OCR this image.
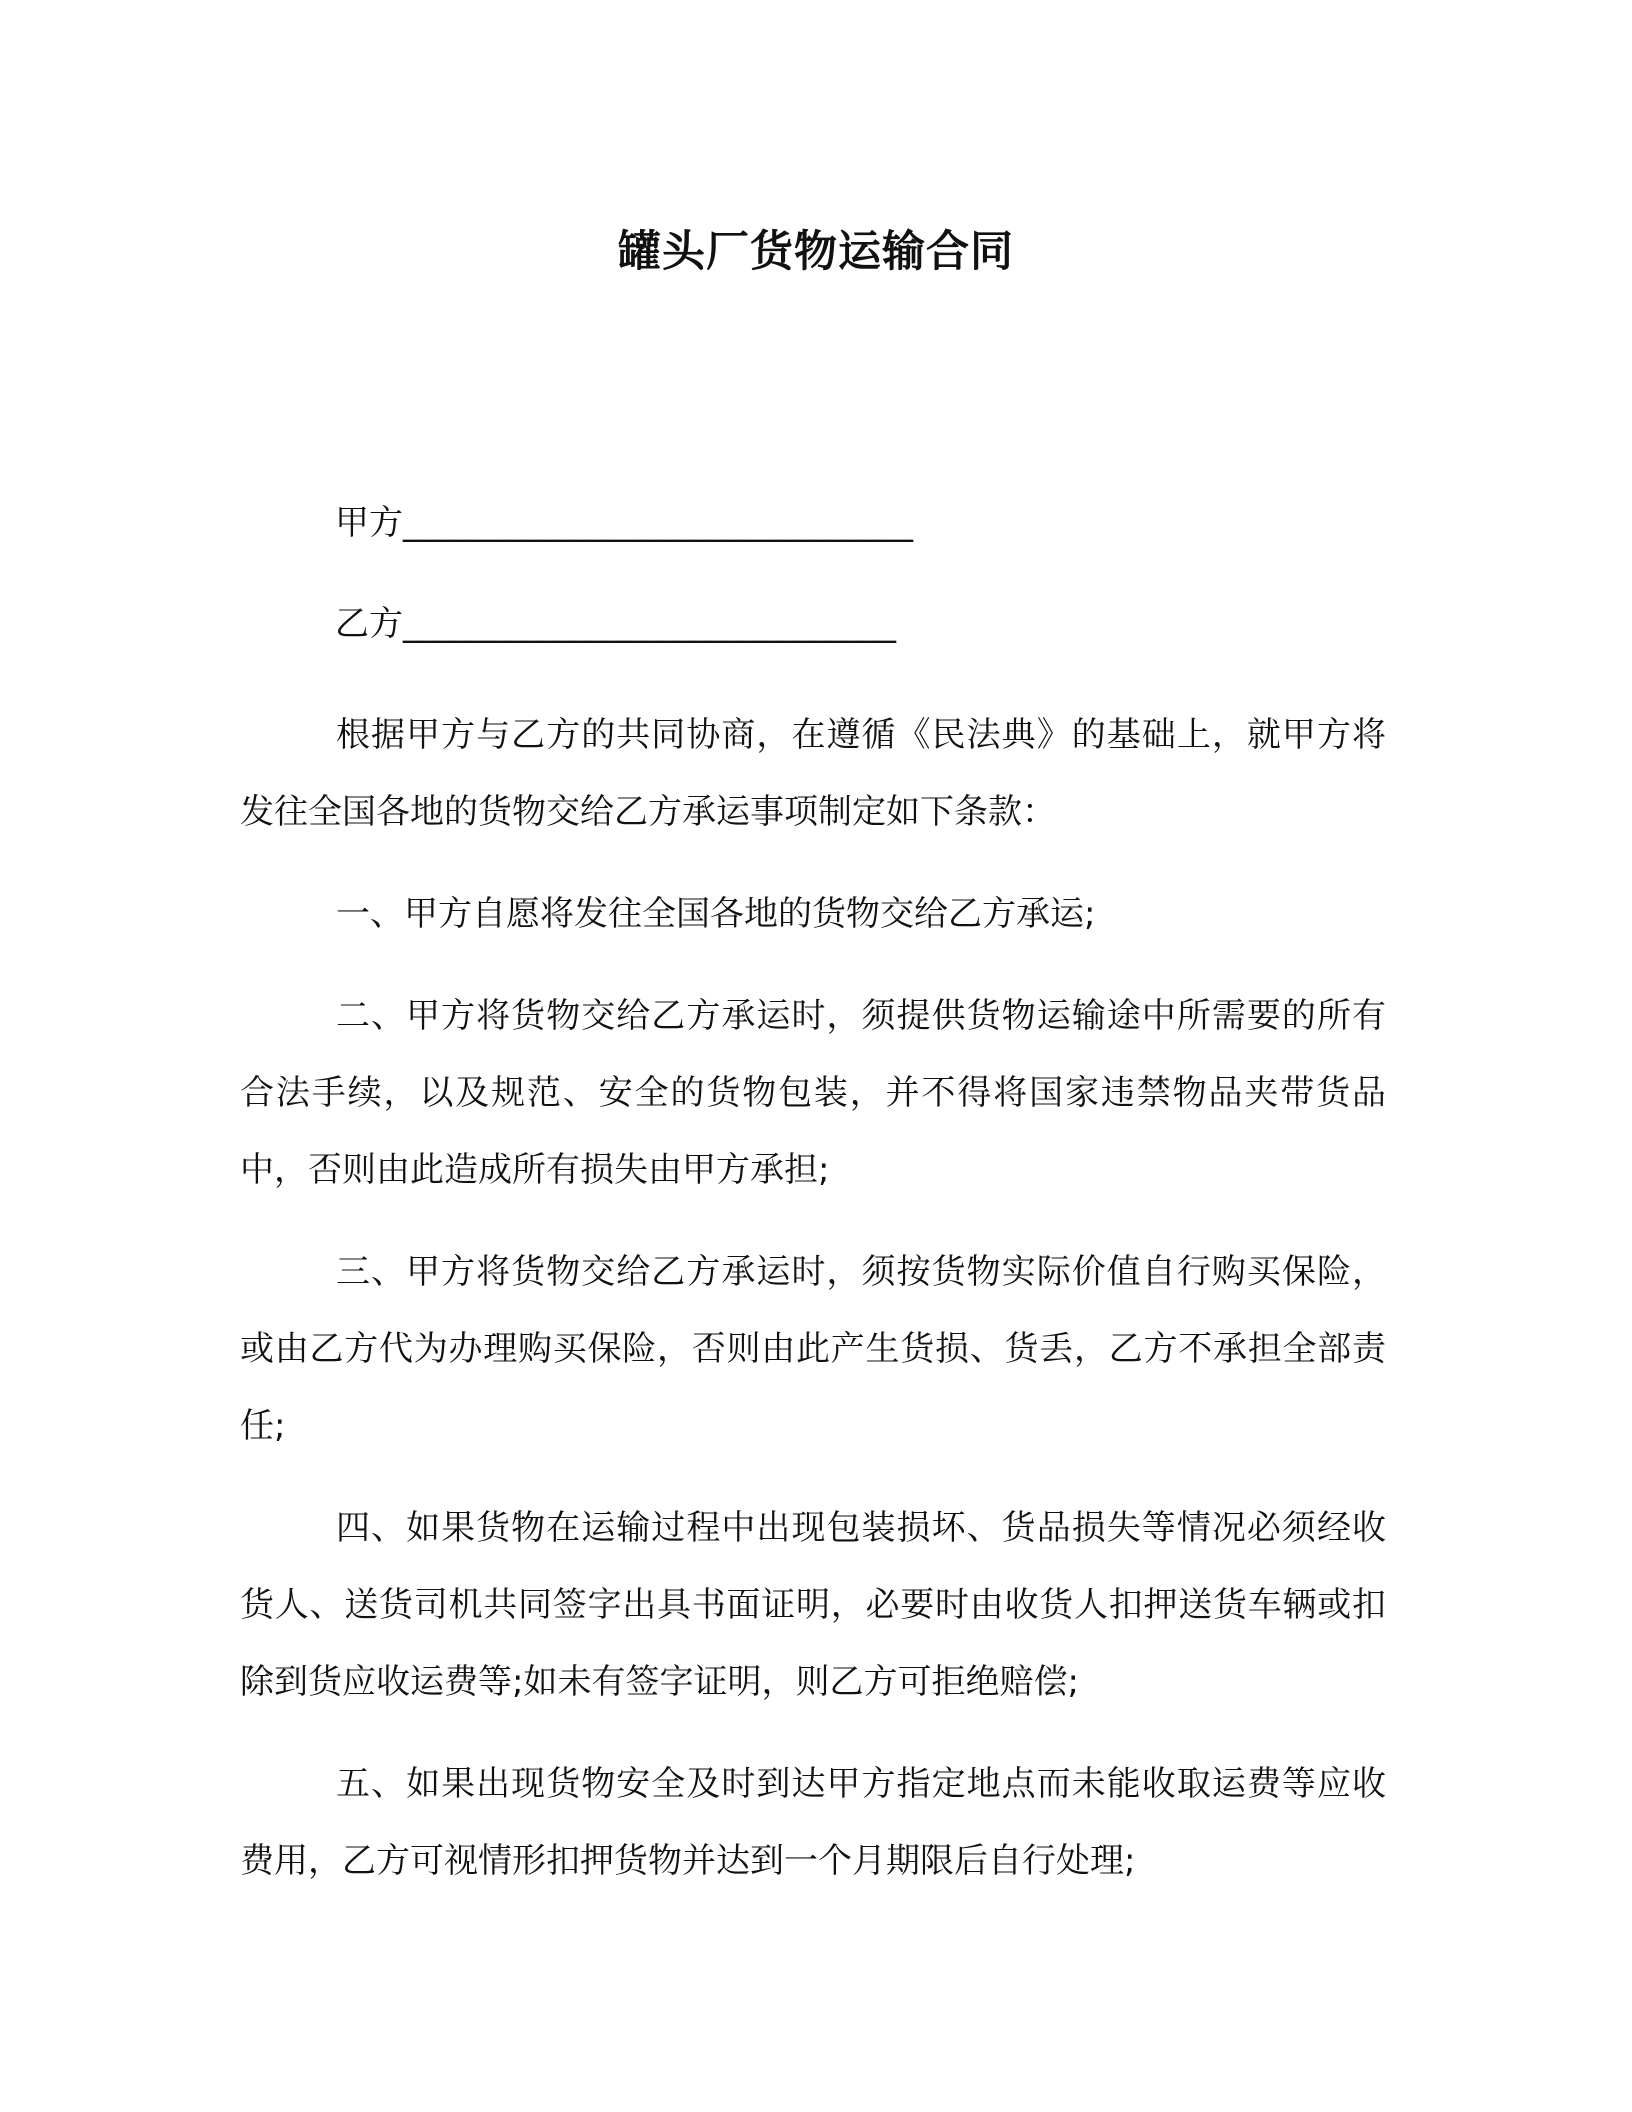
罐头厂货物运输合同
甲方______________________________
乙方_____________________________

根据甲方与乙方的共同协商，在遵循《民法典》的基础上，就甲方将发往全国各地的货物交给乙方承运事项制定如下条款：

一、甲方自愿将发往全国各地的货物交给乙方承运;

二、甲方将货物交给乙方承运时，须提供货物运输途中所需要的所有合法手续，以及规范、安全的货物包装，并不得将国家违禁物品夹带货品中，否则由此造成所有损失由甲方承担;

三、甲方将货物交给乙方承运时，须按货物实际价值自行购买保险，或由乙方代为办理购买保险，否则由此产生货损、货丢，乙方不承担全部责任;

四、如果货物在运输过程中出现包装损坏、货品损失等情况必须经收货人、送货司机共同签字出具书面证明，必要时由收货人扣押送货车辆或扣除到货应收运费等;如未有签字证明，则乙方可拒绝赔偿;

五、如果出现货物安全及时到达甲方指定地点而未能收取运费等应收费用，乙方可视情形扣押货物并达到一个月期限后自行处理;
